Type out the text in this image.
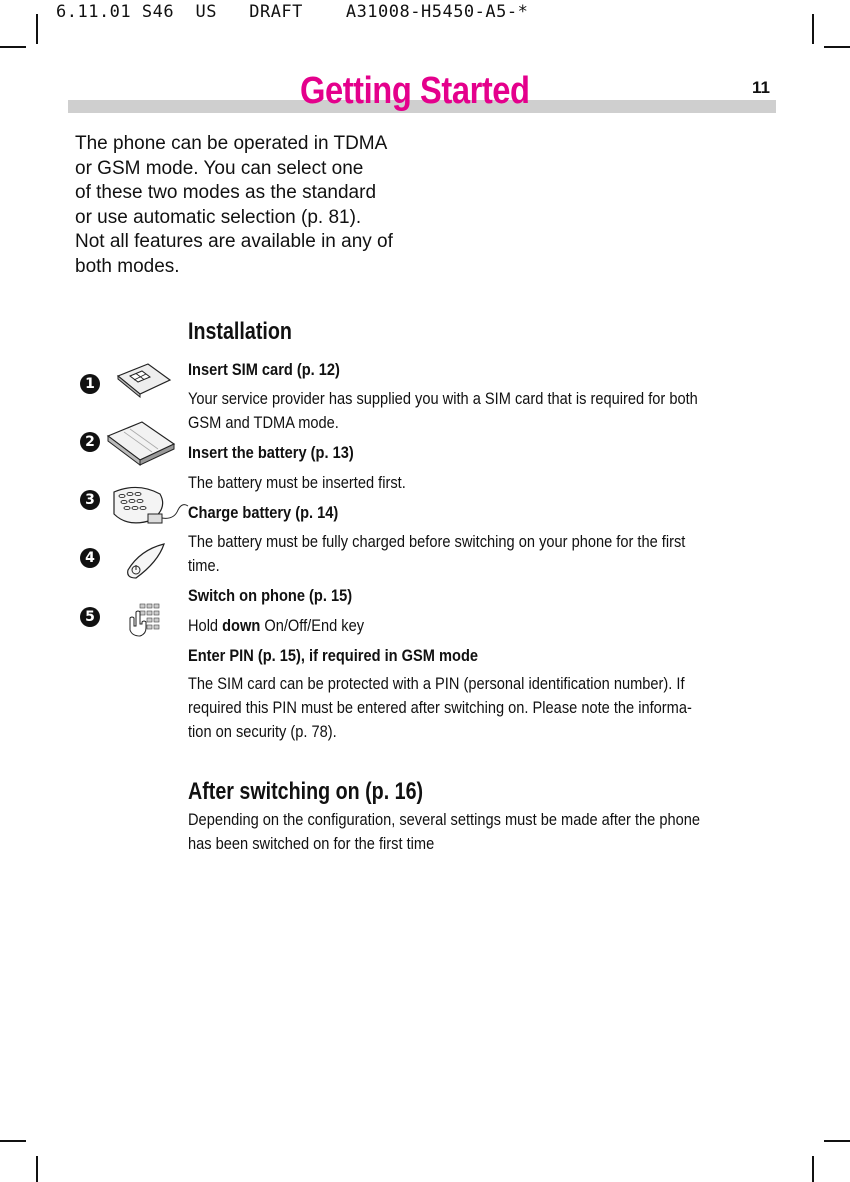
6.11.01 S46  US   DRAFT    A31008-H5450-A5-*
Getting Started	11
The phone can be operated in TDMA
or GSM mode. You can select one
of these two modes as the standard
or use automatic selection (p. 81).
Not all features are available in any of
both modes.
Installation
1
Insert SIM card (p. 12)
Your service provider has supplied you with a SIM card that is required for both
GSM and TDMA mode.
2
Insert the battery (p. 13)
The battery must be inserted first.
3
Charge battery (p. 14)
The battery must be fully charged before switching on your phone for the first
time.
4
Switch on phone (p. 15)
Hold down On/Off/End key
5
Enter PIN (p. 15), if required in GSM mode
The SIM card can be protected with a PIN (personal identification number). If
required this PIN must be entered after switching on. Please note the informa-
tion on security (p. 78).
After switching on (p. 16)
Depending on the configuration, several settings must be made after the phone
has been switched on for the first time
